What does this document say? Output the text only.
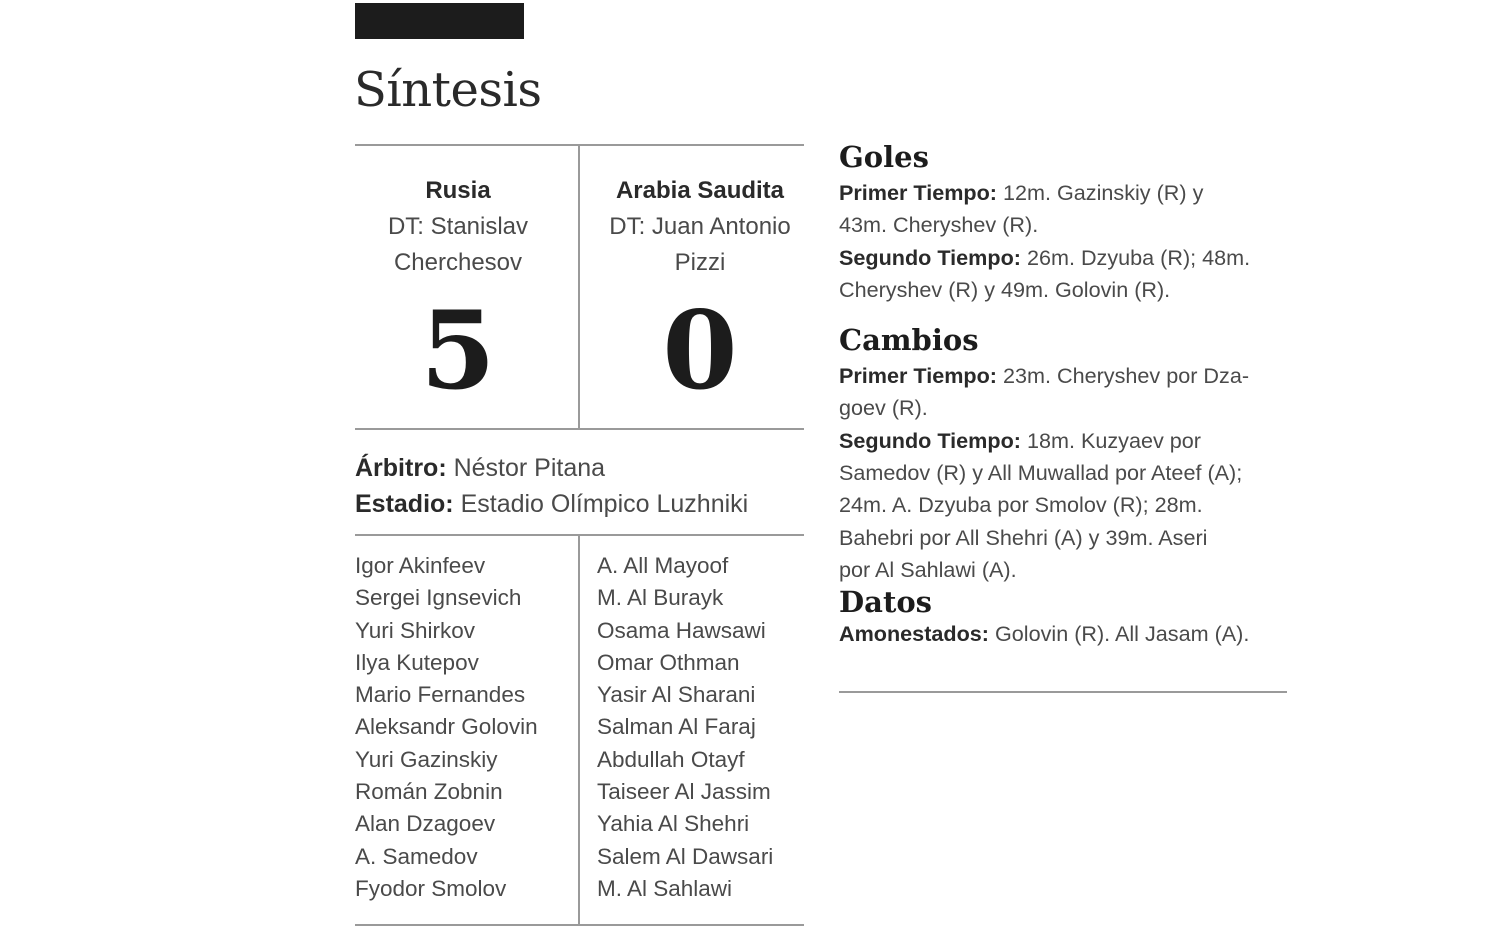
Síntesis
Rusia
DT: Stanislav
Cherchesov
5
Arabia Saudita
DT: Juan Antonio
Pizzi
0
Árbitro: Néstor Pitana
Estadio: Estadio Olímpico Luzhniki
Igor Akinfeev
Sergei Ignsevich
Yuri Shirkov
Ilya Kutepov
Mario Fernandes
Aleksandr Golovin
Yuri Gazinskiy
Román Zobnin
Alan Dzagoev
A. Samedov
Fyodor Smolov
A. All Mayoof
M. Al Burayk
Osama Hawsawi
Omar Othman
Yasir Al Sharani
Salman Al Faraj
Abdullah Otayf
Taiseer Al Jassim
Yahia Al Shehri
Salem Al Dawsari
M. Al Sahlawi
Goles

Primer Tiempo: 12m. Gazinskiy (R) y
43m. Cheryshev (R).

Segundo Tiempo: 26m. Dzyuba (R); 48m.
Cheryshev (R) y 49m. Golovin (R).

Cambios

Primer Tiempo: 23m. Cheryshev por Dza-
goev (R).

Segundo Tiempo: 18m. Kuzyaev por
Samedov (R) y All Muwallad por Ateef (A);
24m. A. Dzyuba por Smolov (R); 28m.
Bahebri por All Shehri (A) y 39m. Aseri
por Al Sahlawi (A).

Datos

Amonestados: Golovin (R). All Jasam (A).
